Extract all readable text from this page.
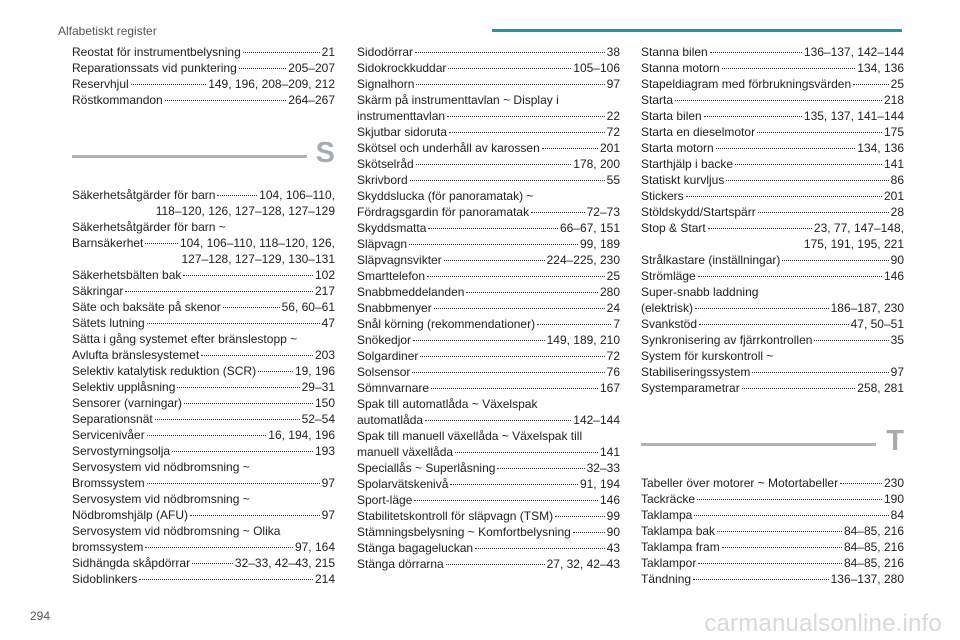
Alfabetiskt register
Reostat för instrumentbelysning	21
Reparationssats vid punktering	205–207
Reservhjul	149, 196, 208–209, 212
Röstkommandon	264–267
S
Säkerhetsåtgärder för barn	104, 106–110,
118–120, 126, 127–128, 127–129
Säkerhetsåtgärder för barn ~
Barnsäkerhet	104, 106–110, 118–120, 126,
127–128, 127–129, 130–131
Säkerhetsbälten bak	102
Säkringar	217
Säte och baksäte på skenor	56, 60–61
Sätets lutning	47
Sätta i gång systemet efter bränslestopp ~
Avlufta bränslesystemet	203
Selektiv katalytisk reduktion (SCR)	19, 196
Selektiv upplåsning	29–31
Sensorer (varningar)	150
Separationsnät	52–54
Servicenivåer	16, 194, 196
Servostyrningsolja	193
Servosystem vid nödbromsning ~
Bromssystem	97
Servosystem vid nödbromsning ~
Nödbromshjälp (AFU)	97
Servosystem vid nödbromsning ~ Olika
bromssystem	97, 164
Sidhängda skåpdörrar	32–33, 42–43, 215
Sidoblinkers	214
Sidodörrar	38
Sidokrockkuddar	105–106
Signalhorn	97
Skärm på instrumenttavlan ~ Display i
instrumenttavlan	22
Skjutbar sidoruta	72
Skötsel och underhåll av karossen	201
Skötselråd	178, 200
Skrivbord	55
Skyddslucka (för panoramatak) ~
Fördragsgardin för panoramatak	72–73
Skyddsmatta	66–67, 151
Släpvagn	99, 189
Släpvagnsvikter	224–225, 230
Smarttelefon	25
Snabbmeddelanden	280
Snabbmenyer	24
Snål körning (rekommendationer)	7
Snökedjor	149, 189, 210
Solgardiner	72
Solsensor	76
Sömnvarnare	167
Spak till automatlåda ~ Växelspak
automatlåda	142–144
Spak till manuell växellåda ~ Växelspak till
manuell växellåda	141
Speciallås ~ Superlåsning	32–33
Spolarvätskenivå	91, 194
Sport-läge	146
Stabilitetskontroll för släpvagn (TSM)	99
Stämningsbelysning ~ Komfortbelysning	90
Stänga bagageluckan	43
Stänga dörrarna	27, 32, 42–43
Stanna bilen	136–137, 142–144
Stanna motorn	134, 136
Stapeldiagram med förbrukningsvärden	25
Starta	218
Starta bilen	135, 137, 141–144
Starta en dieselmotor	175
Starta motorn	134, 136
Starthjälp i backe	141
Statiskt kurvljus	86
Stickers	201
Stöldskydd/Startspärr	28
Stop & Start	23, 77, 147–148,
175, 191, 195, 221
Strålkastare (inställningar)	90
Strömläge	146
Super-snabb laddning
(elektrisk)	186–187, 230
Svankstöd	47, 50–51
Synkronisering av fjärrkontrollen	35
System för kurskontroll ~
Stabiliseringssystem	97
Systemparametrar	258, 281
T
Tabeller över motorer ~ Motortabeller	230
Tackräcke	190
Taklampa	84
Taklampa bak	84–85, 216
Taklampa fram	84–85, 216
Taklampor	84–85, 216
Tändning	136–137, 280
294	carmanualsonline.info
